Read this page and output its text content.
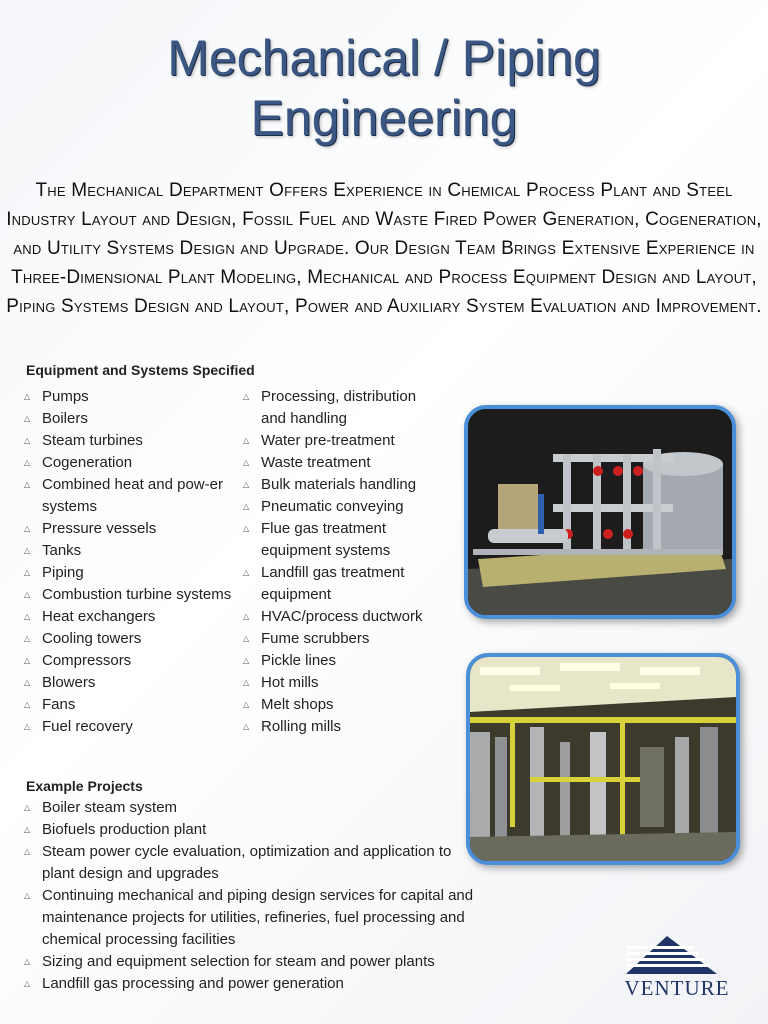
Mechanical / Piping
Engineering

The Mechanical Department Offers Experience in Chemical Process Plant and Steel Industry Layout and Design, Fossil Fuel and Waste Fired Power Generation, Cogeneration, and Utility Systems Design and Upgrade. Our Design Team Brings Extensive Experience in Three-Dimensional Plant Modeling, Mechanical and Process Equipment Design and Layout, Piping Systems Design and Layout, Power and Auxiliary System Evaluation and Improvement.

Equipment and Systems Specified
△ Pumps
△ Boilers
△ Steam turbines
△ Cogeneration
△ Combined heat and pow-er systems
△ Pressure vessels
△ Tanks
△ Piping
△ Combustion turbine systems
△ Heat exchangers
△ Cooling towers
△ Compressors
△ Blowers
△ Fans
△ Fuel recovery
△ Processing, distribution and handling
△ Water pre-treatment
△ Waste treatment
△ Bulk materials handling
△ Pneumatic conveying
△ Flue gas treatment equipment systems
△ Landfill gas treatment equipment
△ HVAC/process ductwork
△ Fume scrubbers
△ Pickle lines
△ Hot mills
△ Melt shops
△ Rolling mills
Example Projects
△ Boiler steam system
△ Biofuels production plant
△ Steam power cycle evaluation, optimization and application to plant design and upgrades
△ Continuing mechanical and piping design services for capital and maintenance projects for utilities, refineries, fuel processing and chemical processing facilities
△ Sizing and equipment selection for steam and power plants
△ Landfill gas processing and power generation	VENTURE
